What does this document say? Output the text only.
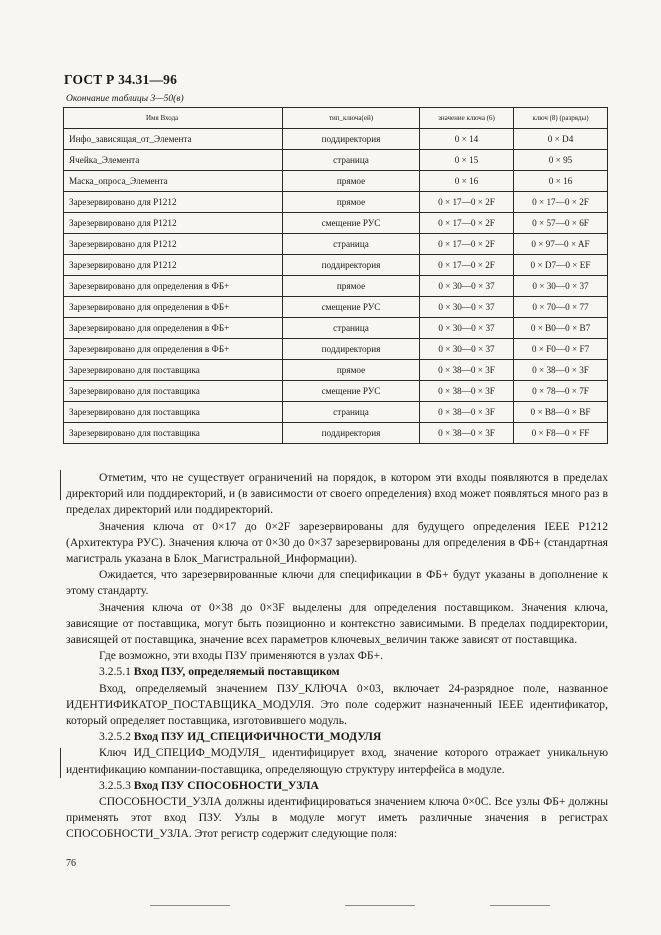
ГОСТ Р 34.31—96
Окончание таблицы 3—50(в)
Имя Входа	тип_ключа(ей)	значение ключа (6)	ключ (8) (разряды)
Инфо_зависящая_от_Элемента	поддиректория	0 × 14	0 × D4
Ячейка_Элемента	страница	0 × 15	0 × 95
Маска_опроса_Элемента	прямое	0 × 16	0 × 16
Зарезервировано для P1212	прямое	0 × 17—0 × 2F	0 × 17—0 × 2F
Зарезервировано для P1212	смещение РУС	0 × 17—0 × 2F	0 × 57—0 × 6F
Зарезервировано для P1212	страница	0 × 17—0 × 2F	0 × 97—0 × AF
Зарезервировано для P1212	поддиректория	0 × 17—0 × 2F	0 × D7—0 × EF
Зарезервировано для определения в ФБ+	прямое	0 × 30—0 × 37	0 × 30—0 × 37
Зарезервировано для определения в ФБ+	смещение РУС	0 × 30—0 × 37	0 × 70—0 × 77
Зарезервировано для определения в ФБ+	страница	0 × 30—0 × 37	0 × B0—0 × B7
Зарезервировано для определения в ФБ+	поддиректория	0 × 30—0 × 37	0 × F0—0 × F7
Зарезервировано для поставщика	прямое	0 × 38—0 × 3F	0 × 38—0 × 3F
Зарезервировано для поставщика	смещение РУС	0 × 38—0 × 3F	0 × 78—0 × 7F
Зарезервировано для поставщика	страница	0 × 38—0 × 3F	0 × B8—0 × BF
Зарезервировано для поставщика	поддиректория	0 × 38—0 × 3F	0 × F8—0 × FF

Отметим, что не существует ограничений на порядок, в котором эти входы появляются в пределах директорий или поддиректорий, и (в зависимости от своего определения) вход может появляться много раз в пределах директорий или поддиректорий.

Значения ключа от 0×17 до 0×2F зарезервированы для будущего определения IEEE P1212 (Архитектура РУС). Значения ключа от 0×30 до 0×37 зарезервированы для определения в ФБ+ (стандартная магистраль указана в Блок_Магистральной_Информации).

Ожидается, что зарезервированные ключи для спецификации в ФБ+ будут указаны в дополнение к этому стандарту.

Значения ключа от 0×38 до 0×3F выделены для определения поставщиком. Значения ключа, зависящие от поставщика, могут быть позиционно и контекстно зависимыми. В пределах поддиректории, зависящей от поставщика, значение всех параметров ключевых_величин также зависят от поставщика.

Где возможно, эти входы ПЗУ применяются в узлах ФБ+.

3.2.5.1 Вход ПЗУ, определяемый поставщиком

Вход, определяемый значением ПЗУ_КЛЮЧА 0×03, включает 24-разрядное поле, названное ИДЕНТИФИКАТОР_ПОСТАВЩИКА_МОДУЛЯ. Это поле содержит назначенный IEEE идентификатор, который определяет поставщика, изготовившего модуль.

3.2.5.2 Вход ПЗУ ИД_СПЕЦИФИЧНОСТИ_МОДУЛЯ

Ключ ИД_СПЕЦИФ_МОДУЛЯ_ идентифицирует вход, значение которого отражает уникальную идентификацию компании-поставщика, определяющую структуру интерфейса в модуле.

3.2.5.3 Вход ПЗУ СПОСОБНОСТИ_УЗЛА

СПОСОБНОСТИ_УЗЛА должны идентифицироваться значением ключа 0×0С. Все узлы ФБ+ должны применять этот вход ПЗУ. Узлы в модуле могут иметь различные значения в регистрах СПОСОБНОСТИ_УЗЛА. Этот регистр содержит следующие поля:

76
